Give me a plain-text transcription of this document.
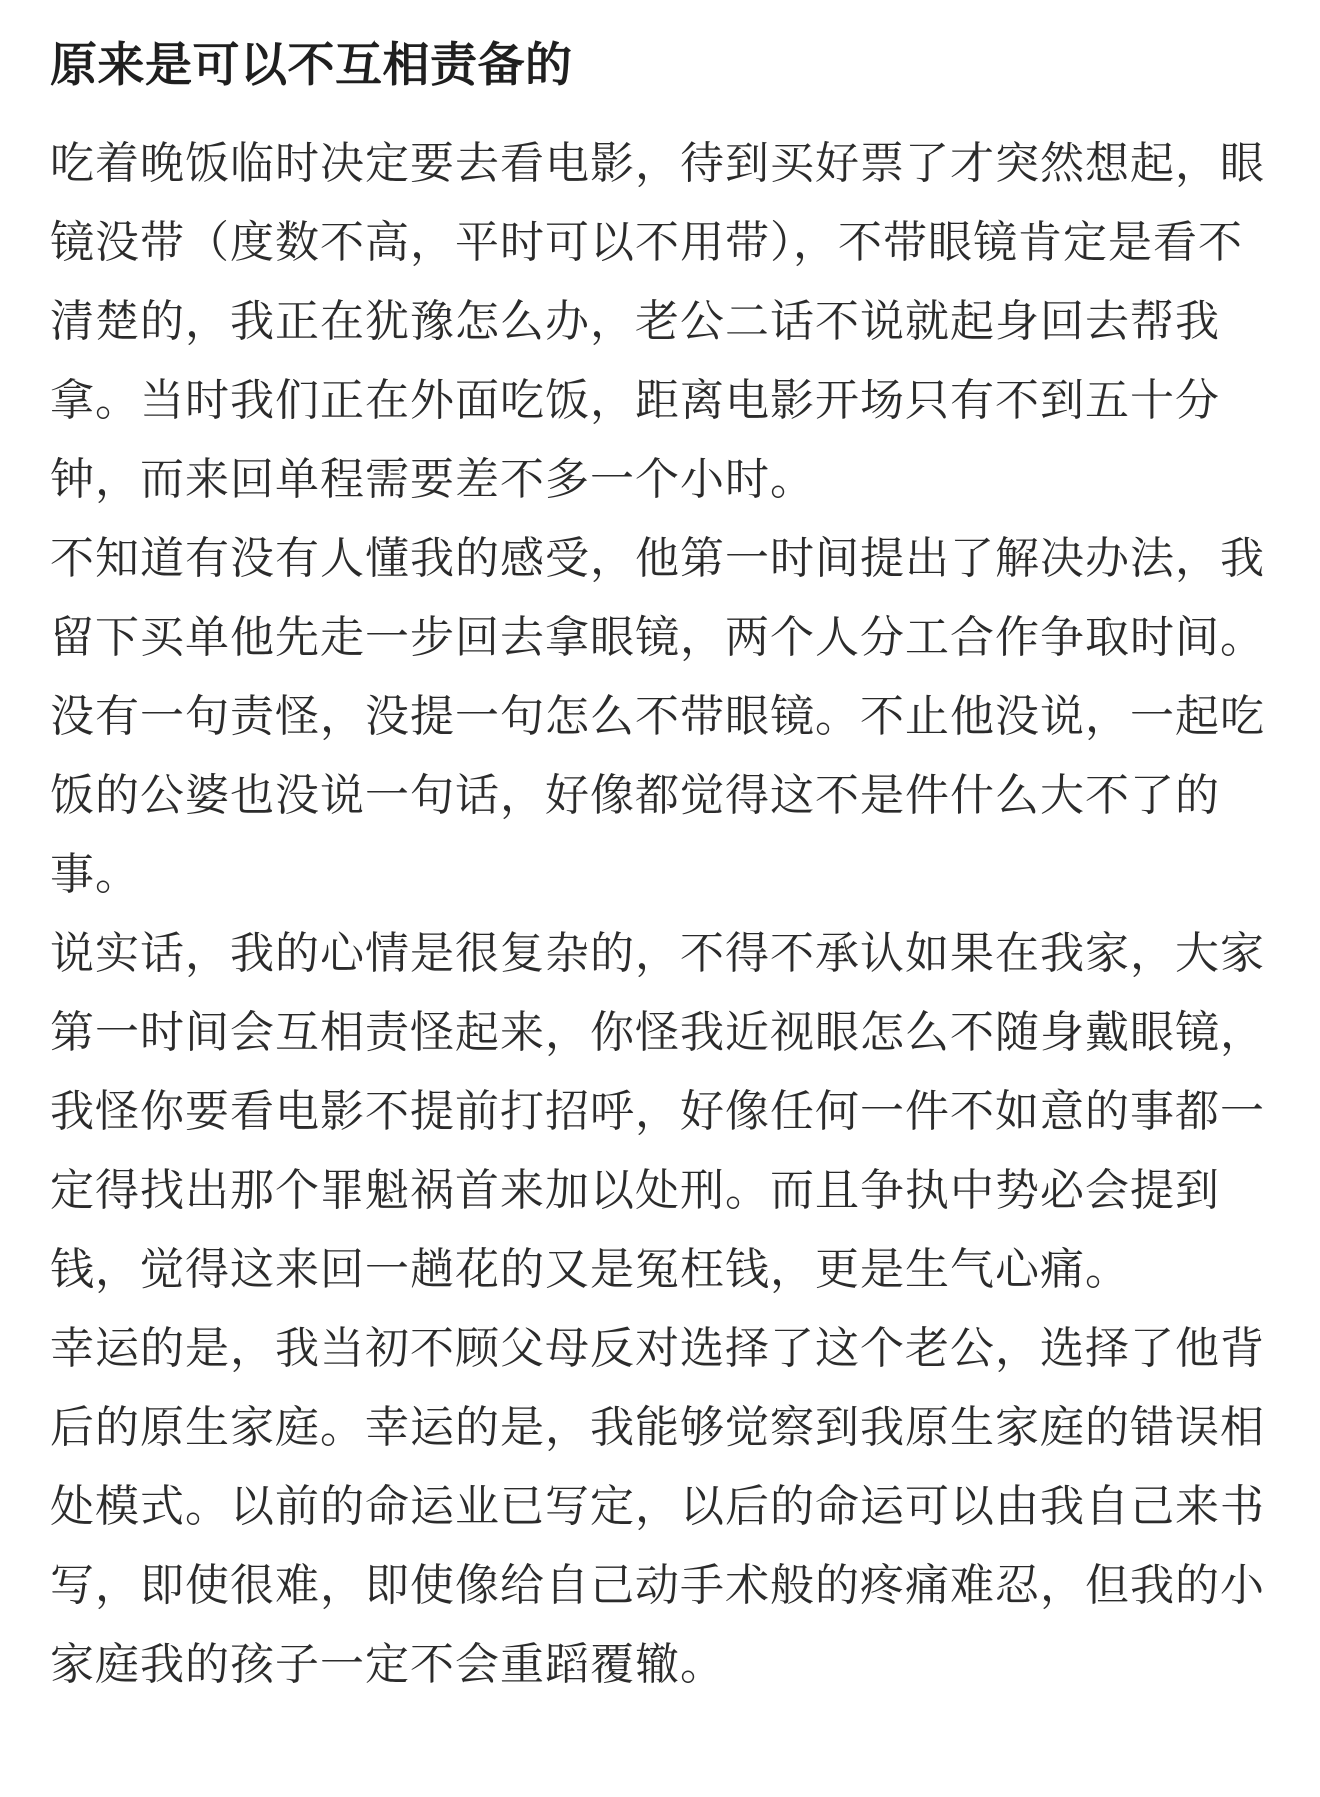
原来是可以不互相责备的

吃着晚饭临时决定要去看电影，待到买好票了才突然想起，眼镜没带（度数不高，平时可以不用带），不带眼镜肯定是看不清楚的，我正在犹豫怎么办，老公二话不说就起身回去帮我拿。当时我们正在外面吃饭，距离电影开场只有不到五十分钟，而来回单程需要差不多一个小时。

不知道有没有人懂我的感受，他第一时间提出了解决办法，我留下买单他先走一步回去拿眼镜，两个人分工合作争取时间。没有一句责怪，没提一句怎么不带眼镜。不止他没说，一起吃饭的公婆也没说一句话，好像都觉得这不是件什么大不了的事。

说实话，我的心情是很复杂的，不得不承认如果在我家，大家第一时间会互相责怪起来，你怪我近视眼怎么不随身戴眼镜，我怪你要看电影不提前打招呼，好像任何一件不如意的事都一定得找出那个罪魁祸首来加以处刑。而且争执中势必会提到钱，觉得这来回一趟花的又是冤枉钱，更是生气心痛。

幸运的是，我当初不顾父母反对选择了这个老公，选择了他背后的原生家庭。幸运的是，我能够觉察到我原生家庭的错误相处模式。以前的命运业已写定，以后的命运可以由我自己来书写，即使很难，即使像给自己动手术般的疼痛难忍，但我的小家庭我的孩子一定不会重蹈覆辙。
